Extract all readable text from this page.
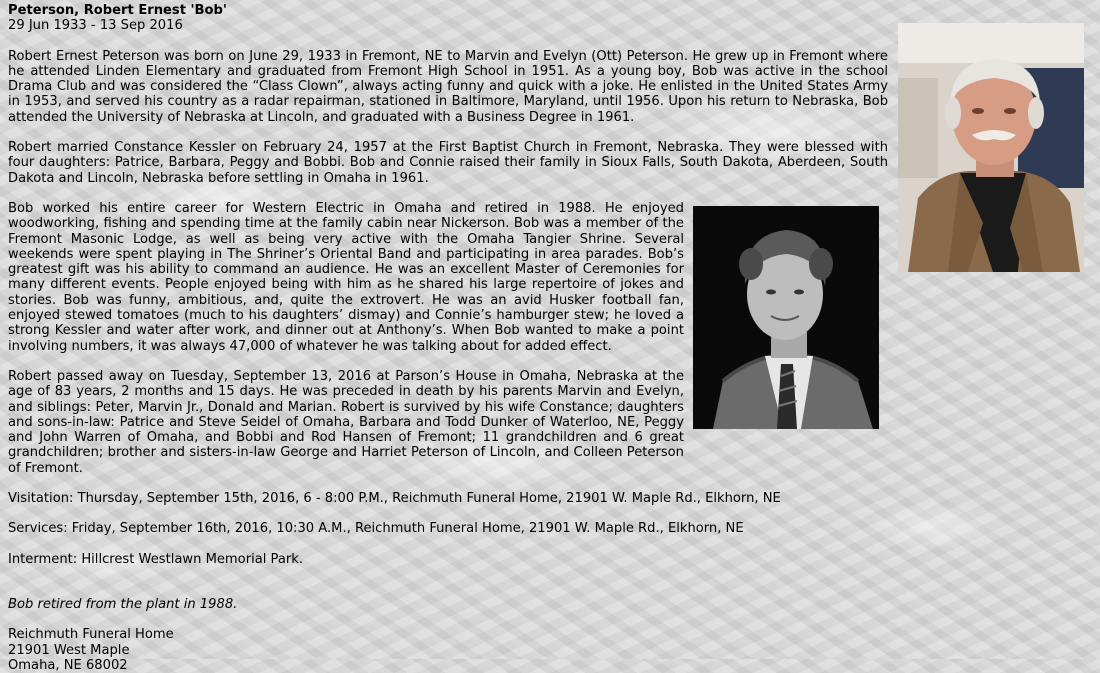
Peterson, Robert Ernest 'Bob'
29 Jun 1933 - 13 Sep 2016

Robert Ernest Peterson was born on June 29, 1933 in Fremont, NE to Marvin and Evelyn (Ott) Peterson. He grew up in Fremont where he attended Linden Elementary and graduated from Fremont High School in 1951. As a young boy, Bob was active in the school Drama Club and was considered the “Class Clown”, always acting funny and quick with a joke. He enlisted in the United States Army in 1953, and served his country as a radar repairman, stationed in Baltimore, Maryland, until 1956. Upon his return to Nebraska, Bob attended the University of Nebraska at Lincoln, and graduated with a Business Degree in 1961.

Robert married Constance Kessler on February 24, 1957 at the First Baptist Church in Fremont, Nebraska. They were blessed with four daughters: Patrice, Barbara, Peggy and Bobbi. Bob and Connie raised their family in Sioux Falls, South Dakota, Aberdeen, South Dakota and Lincoln, Nebraska before settling in Omaha in 1961.

Bob worked his entire career for Western Electric in Omaha and retired in 1988. He enjoyed woodworking, fishing and spending time at the family cabin near Nickerson. Bob was a member of the Fremont Masonic Lodge, as well as being very active with the Omaha Tangier Shrine. Several weekends were spent playing in The Shriner’s Oriental Band and participating in area parades. Bob’s greatest gift was his ability to command an audience. He was an excellent Master of Ceremonies for many different events. People enjoyed being with him as he shared his large repertoire of jokes and stories. Bob was funny, ambitious, and, quite the extrovert. He was an avid Husker football fan, enjoyed stewed tomatoes (much to his daughters’ dismay) and Connie’s hamburger stew; he loved a strong Kessler and water after work, and dinner out at Anthony’s. When Bob wanted to make a point involving numbers, it was always 47,000 of whatever he was talking about for added effect.

Robert passed away on Tuesday, September 13, 2016 at Parson’s House in Omaha, Nebraska at the age of 83 years, 2 months and 15 days. He was preceded in death by his parents Marvin and Evelyn, and siblings: Peter, Marvin Jr., Donald and Marian. Robert is survived by his wife Constance; daughters and sons-in-law: Patrice and Steve Seidel of Omaha, Barbara and Todd Dunker of Waterloo, NE, Peggy and John Warren of Omaha, and Bobbi and Rod Hansen of Fremont; 11 grandchildren and 6 great grandchildren; brother and sisters-in-law George and Harriet Peterson of Lincoln, and Colleen Peterson of Fremont.

Visitation: Thursday, September 15th, 2016, 6 - 8:00 P.M., Reichmuth Funeral Home, 21901 W. Maple Rd., Elkhorn, NE

Services: Friday, September 16th, 2016, 10:30 A.M., Reichmuth Funeral Home, 21901 W. Maple Rd., Elkhorn, NE

Interment: Hillcrest Westlawn Memorial Park.

Bob retired from the plant in 1988.

Reichmuth Funeral Home
21901 West Maple
Omaha, NE 68002
